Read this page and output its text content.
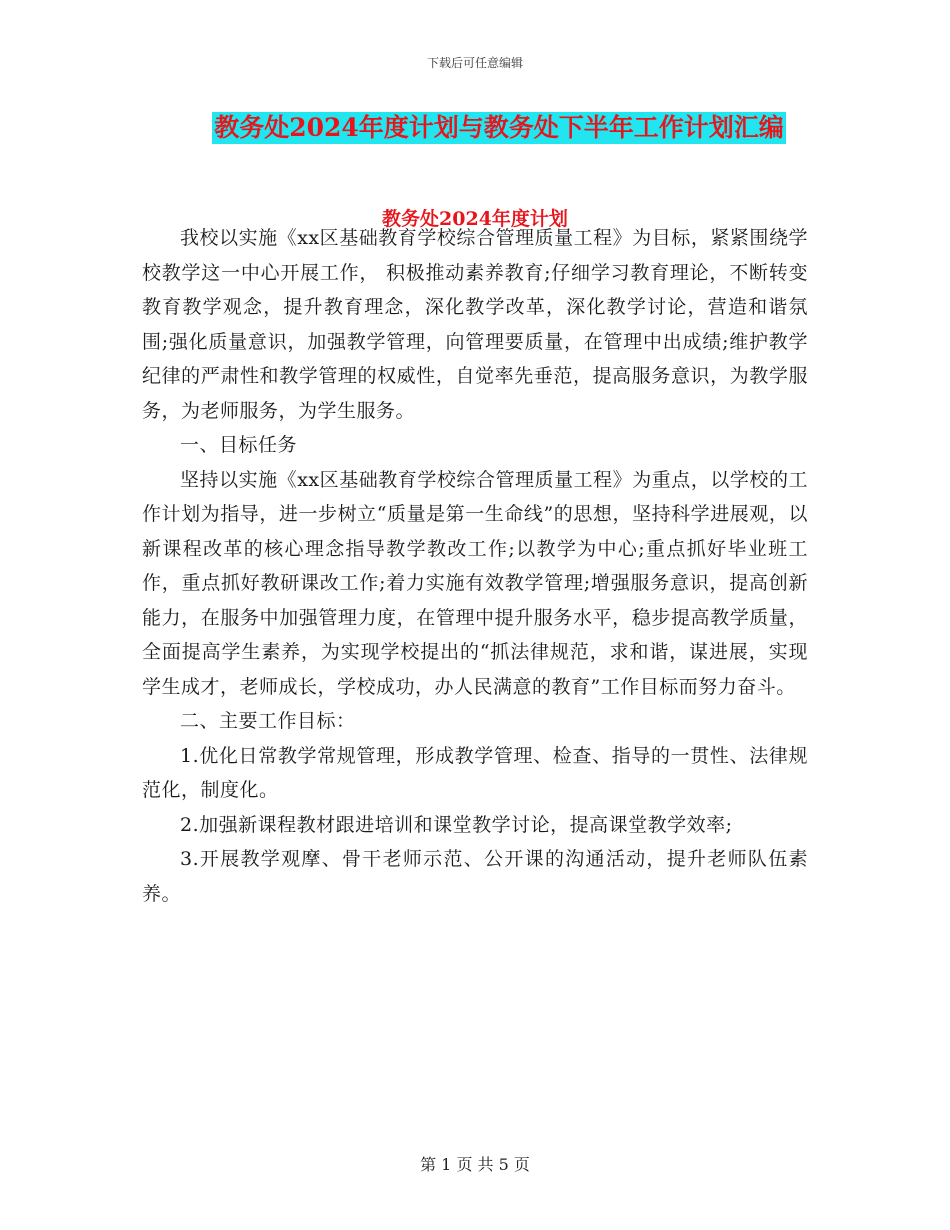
下载后可任意编辑
教务处2024年度计划与教务处下半年工作计划汇编
教务处2024年度计划

我校以实施《xx区基础教育学校综合管理质量工程》为目标，紧紧围绕学校教学这一中心开展工作， 积极推动素养教育;仔细学习教育理论，不断转变教育教学观念，提升教育理念，深化教学改革，深化教学讨论，营造和谐氛围;强化质量意识，加强教学管理，向管理要质量，在管理中出成绩;维护教学纪律的严肃性和教学管理的权威性，自觉率先垂范，提高服务意识，为教学服务，为老师服务，为学生服务。

一、目标任务

坚持以实施《xx区基础教育学校综合管理质量工程》为重点，以学校的工作计划为指导，进一步树立“质量是第一生命线”的思想，坚持科学进展观，以新课程改革的核心理念指导教学教改工作;以教学为中心;重点抓好毕业班工作，重点抓好教研课改工作;着力实施有效教学管理;增强服务意识，提高创新能力，在服务中加强管理力度，在管理中提升服务水平，稳步提高教学质量，全面提高学生素养，为实现学校提出的“抓法律规范，求和谐，谋进展，实现学生成才，老师成长，学校成功，办人民满意的教育”工作目标而努力奋斗。

二、主要工作目标：

1.优化日常教学常规管理，形成教学管理、检查、指导的一贯性、法律规范化，制度化。

2.加强新课程教材跟进培训和课堂教学讨论，提高课堂教学效率;

3.开展教学观摩、骨干老师示范、公开课的沟通活动，提升老师队伍素养。

第 1 页 共 5 页
